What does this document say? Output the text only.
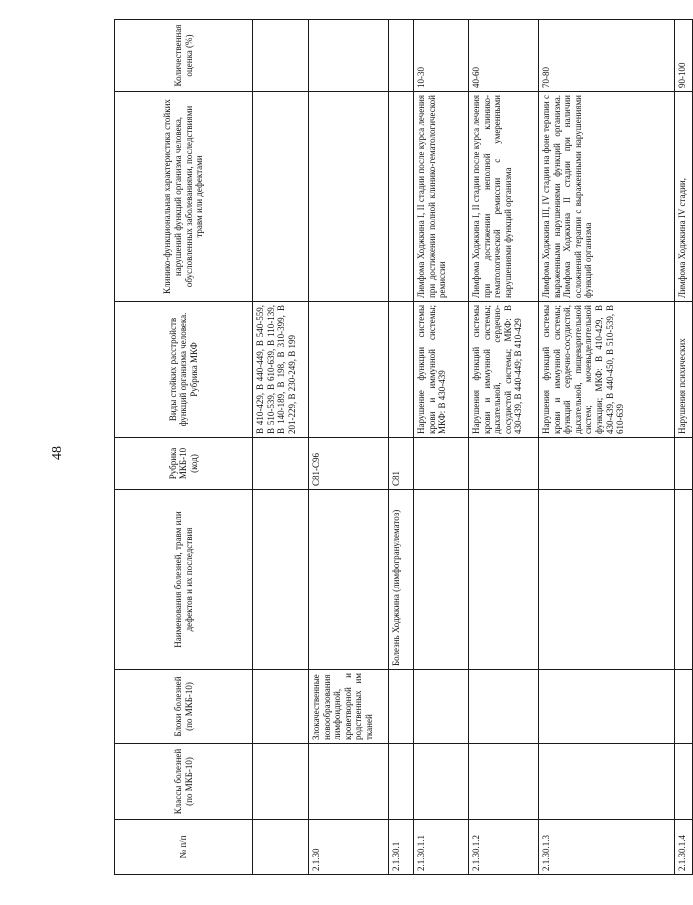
48
№ п/п	Классы болезней (по МКБ-10)	Блоки болезней (по МКБ-10)	Наименования болезней, травм или дефектов и их последствия	Рубрика МКБ-10 (код)	Виды стойких расстройств функций организма человека. Рубрика МКФ	Клинико-функциональная характеристика стойких нарушений функций организма человека, обусловленных заболеваниями, последствиями травм или дефектами	Количественная оценка (%)
					В 410-429, В 440-449, В 540-559, В 510-539, В 610-639, В 110-139, В 140-189, В 198, В 310-399, В 201-229, В 230-249, В 199		
2.1.30		Злокачественные новообразования лимфоидной, кроветворной и родственных им тканей		C81-C96			
2.1.30.1			Болезнь Ходжкина (лимфогранулематоз)	C81			
2.1.30.1.1					Нарушение функции системы крови и иммунной системы; МКФ: В 430-439	Лимфома Ходжкина I, II стадии после курса лечения при достижении полной клинико-гематологической ремиссии	10-30
2.1.30.1.2					Нарушения функций системы крови и иммунной системы; дыхательной, сердечно-сосудистой системы; МКФ: В 430-439, В 440-449; В 410-429	Лимфома Ходжкина I, II стадии после курса лечения при достижении неполной клинико-гематологической ремиссии с умеренными нарушениями функций организма	40-60
2.1.30.1.3					Нарушения функций системы крови и иммунной системы; функций сердечно-сосудистой, дыхательной, пищеварительной систем; мочевыделительной функции; МКФ: В 410-429, В 430-439, В 440-450, В 510-539, В 610-639	Лимфома Ходжкина III, IV стадии на фоне терапии с выраженными нарушениями функций организма. Лимфома Ходжкина II стадии при наличии осложнений терапии с выраженными нарушениями функций организма	70-80
2.1.30.1.4					Нарушения психических	Лимфома Ходжкина IV стадии,	90-100
